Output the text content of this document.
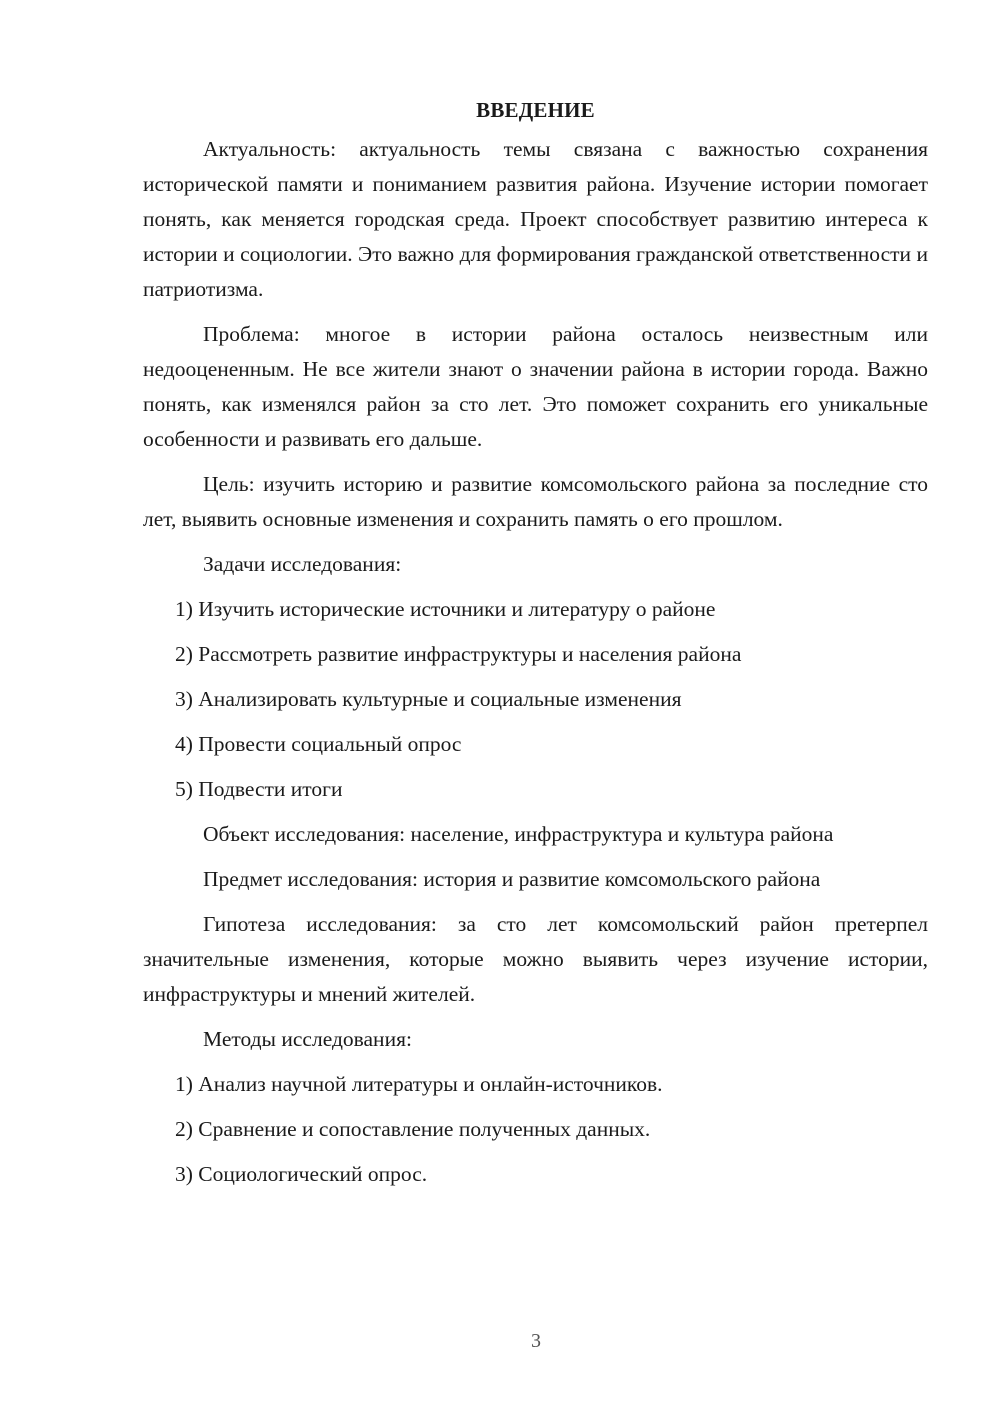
ВВЕДЕНИЕ

Актуальность: актуальность темы связана с важностью сохранения исторической памяти и пониманием развития района. Изучение истории помогает понять, как меняется городская среда. Проект способствует развитию интереса к истории и социологии. Это важно для формирования гражданской ответственности и патриотизма.

Проблема: многое в истории района осталось неизвестным или недооцененным. Не все жители знают о значении района в истории города. Важно понять, как изменялся район за сто лет. Это поможет сохранить его уникальные особенности и развивать его дальше.

Цель: изучить историю и развитие комсомольского района за последние сто лет, выявить основные изменения и сохранить память о его прошлом.

Задачи исследования:

1) Изучить исторические источники и литературу о районе
2) Рассмотреть развитие инфраструктуры и населения района
3) Анализировать культурные и социальные изменения
4) Провести социальный опрос
5) Подвести итоги

Объект исследования: население, инфраструктура и культура района

Предмет исследования: история и развитие комсомольского района

Гипотеза исследования: за сто лет комсомольский район претерпел значительные изменения, которые можно выявить через изучение истории, инфраструктуры и мнений жителей.

Методы исследования:

1) Анализ научной литературы и онлайн-источников.
2) Сравнение и сопоставление полученных данных.
3) Социологический опрос.
3
